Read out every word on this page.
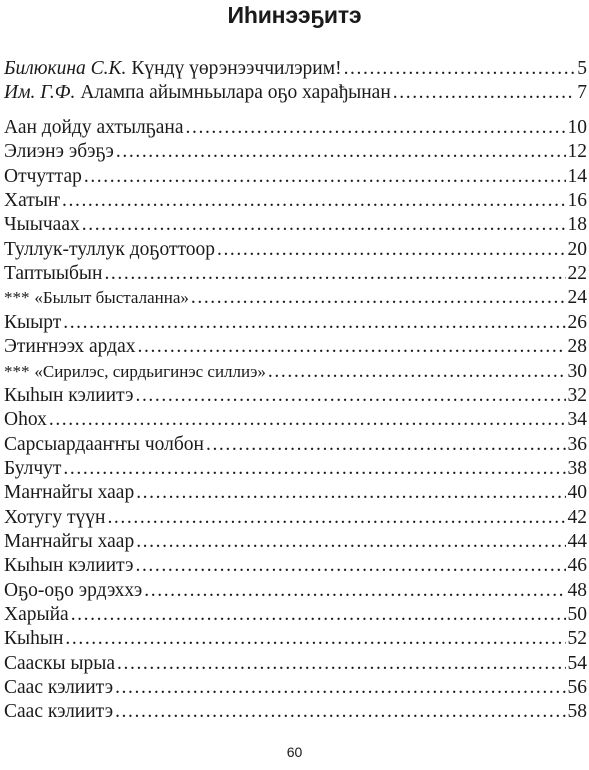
Иһинээҕитэ
Билюкина С.К. Күндү үөрэнээччилэрим! .....	5
Им. Г.Ф. Алампа айымньылара оҕо харађынан .....	7
Аан дойду ахтылҕана .....	10
Элиэнэ эбэҕэ .....	12
Отчуттар .....	14
Хатыҥ .....	16
Чыычаах .....	18
Туллук-туллук доҕоттоор .....	20
Таптыыбын .....	22
*** «Былыт бысталанна» .....	24
Кыырт .....	26
Этиҥнээх ардах .....	28
*** «Сирилэс, сирдьигинэс силлиэ» .....	30
Кыһын кэлиитэ .....	32
Оһох .....	34
Сарсыардааҥҥы чолбон .....	36
Булчут .....	38
Маҥнайгы хаар .....	40
Хотугу түүн .....	42
Маҥнайгы хаар .....	44
Кыһын кэлиитэ .....	46
Оҕо-оҕо эрдэххэ .....	48
Харыйа .....	50
Кыһын .....	52
Сааскы ырыа .....	54
Саас кэлиитэ .....	56
Саас кэлиитэ .....	58
60
